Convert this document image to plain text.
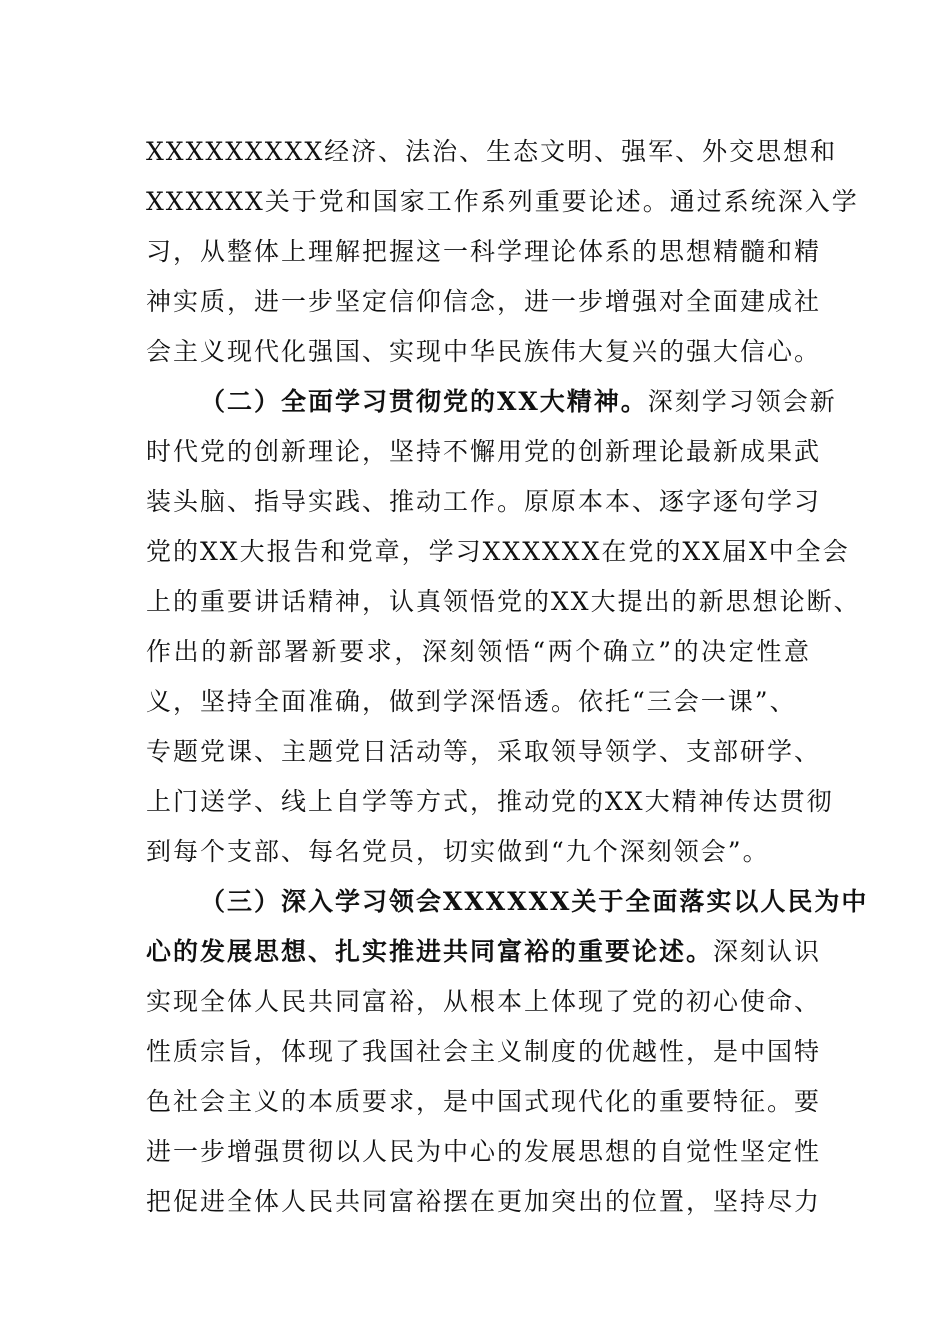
XXXXXXXXX经济、法治、生态文明、强军、外交思想和
XXXXXX关于党和国家工作系列重要论述。通过系统深入学
习，从整体上理解把握这一科学理论体系的思想精髓和精
神实质，进一步坚定信仰信念，进一步增强对全面建成社
会主义现代化强国、实现中华民族伟大复兴的强大信心。
（二）全面学习贯彻党的XX大精神。深刻学习领会新
时代党的创新理论，坚持不懈用党的创新理论最新成果武
装头脑、指导实践、推动工作。原原本本、逐字逐句学习
党的XX大报告和党章，学习XXXXXX在党的XX届X中全会
上的重要讲话精神，认真领悟党的XX大提出的新思想论断、
作出的新部署新要求，深刻领悟“两个确立”的决定性意
义，坚持全面准确，做到学深悟透。依托“三会一课”、
专题党课、主题党日活动等，采取领导领学、支部研学、
上门送学、线上自学等方式，推动党的XX大精神传达贯彻
到每个支部、每名党员，切实做到“九个深刻领会”。
（三）深入学习领会XXXXXX关于全面落实以人民为中
心的发展思想、扎实推进共同富裕的重要论述。深刻认识
实现全体人民共同富裕，从根本上体现了党的初心使命、
性质宗旨，体现了我国社会主义制度的优越性，是中国特
色社会主义的本质要求，是中国式现代化的重要特征。要
进一步增强贯彻以人民为中心的发展思想的自觉性坚定性
把促进全体人民共同富裕摆在更加突出的位置，坚持尽力
